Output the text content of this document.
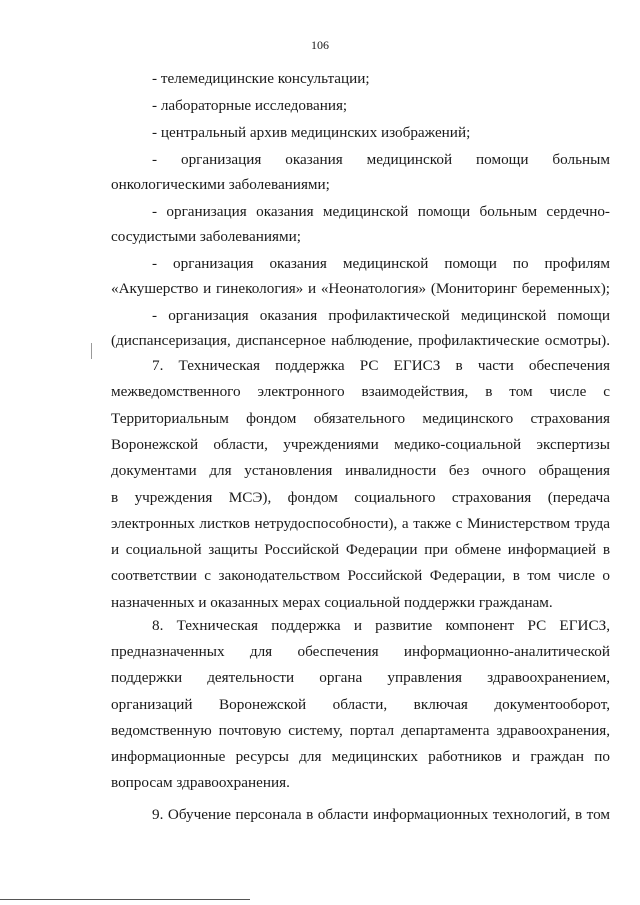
106
- телемедицинские консультации;
- лабораторные исследования;
- центральный архив медицинских изображений;
- организация оказания медицинской помощи больным
онкологическими заболеваниями;
- организация оказания медицинской помощи больным сердечно-
сосудистыми заболеваниями;
- организация оказания медицинской помощи по профилям
«Акушерство и гинекология» и «Неонатология» (Мониторинг беременных);
- организация оказания профилактической медицинской помощи
(диспансеризация, диспансерное наблюдение, профилактические осмотры).
7. Техническая поддержка РС ЕГИСЗ в части обеспечения
межведомственного электронного взаимодействия, в том числе с
Территориальным фондом обязательного медицинского страхования
Воронежской области, учреждениями медико-социальной экспертизы
документами для установления инвалидности без очного обращения
в учреждения МСЭ), фондом социального страхования (передача
электронных листков нетрудоспособности), а также с Министерством труда
и социальной защиты Российской Федерации при обмене информацией в
соответствии с законодательством Российской Федерации, в том числе о
назначенных и оказанных мерах социальной поддержки гражданам.
8. Техническая поддержка и развитие компонент РС ЕГИСЗ,
предназначенных для обеспечения информационно-аналитической
поддержки деятельности органа управления здравоохранением,
организаций Воронежской области, включая документооборот,
ведомственную почтовую систему, портал департамента здравоохранения,
информационные ресурсы для медицинских работников и граждан по
вопросам здравоохранения.
9. Обучение персонала в области информационных технологий, в том
